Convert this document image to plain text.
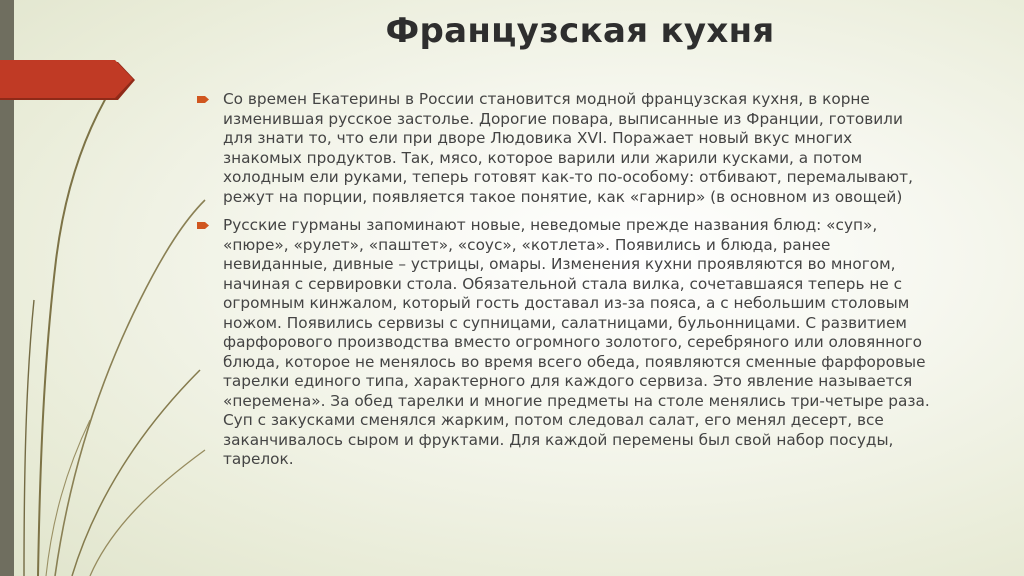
Французская кухня
Со времен Екатерины в России становится модной французская кухня, в корне изменившая русское застолье. Дорогие повара, выписанные из Франции, готовили для знати то, что ели при дворе Людовика XVI. Поражает новый вкус многих знакомых продуктов. Так, мясо, которое варили или жарили кусками, а потом холодным ели руками, теперь готовят как-то по-особому: отбивают, перемалывают, режут на порции, появляется такое понятие, как «гарнир» (в основном из овощей)
Русские гурманы запоминают новые, неведомые прежде названия блюд: «суп», «пюре», «рулет», «паштет», «соус», «котлета». Появились и блюда, ранее невиданные, дивные – устрицы, омары. Изменения кухни проявляются во многом, начиная с сервировки стола. Обязательной стала вилка, сочетавшаяся теперь не с огромным кинжалом, который гость доставал из-за пояса, а с небольшим столовым ножом. Появились сервизы с супницами, салатницами, бульонницами. С развитием фарфорового производства вместо огромного золотого, серебряного или оловянного блюда, которое не менялось во время всего обеда, появляются сменные фарфоровые тарелки единого типа, характерного для каждого сервиза. Это явление называется «перемена». За обед тарелки и многие предметы на столе менялись три-четыре раза. Суп с закусками сменялся жарким, потом следовал салат, его менял десерт, все заканчивалось сыром и фруктами. Для каждой перемены был свой набор посуды, тарелок.
